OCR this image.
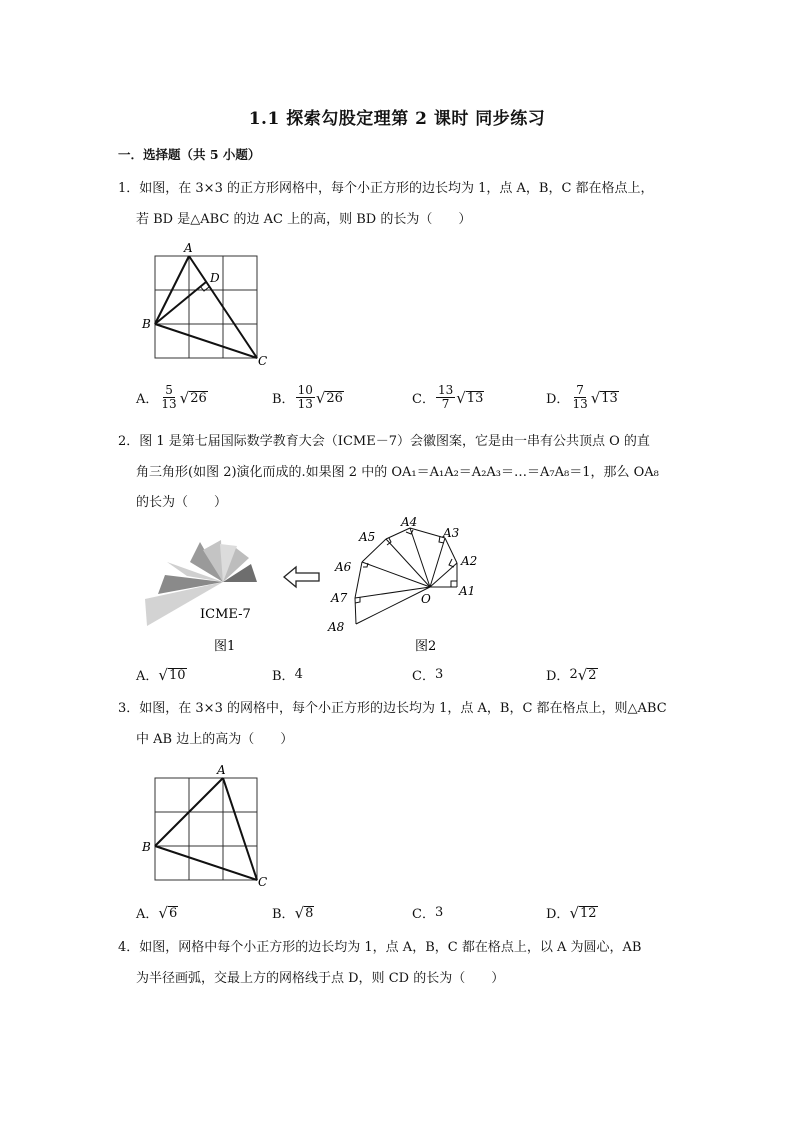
1.1 探索勾股定理第 2 课时 同步练习
一．选择题（共 5 小题）
1．如图，在 3×3 的正方形网格中，每个小正方形的边长均为 1，点 A，B，C 都在格点上，
若 BD 是△ABC 的边 AC 上的高，则 BD 的长为（　　）
A
D
B
C
A． $\frac{5}{13}$ √ 26	B． $\frac{10}{13}$ √ 26	C． $\frac{13}{7}$ √ 13	D． $\frac{7}{13}$ √ 13
2．图 1 是第七届国际数学教育大会（ICME－7）会徽图案，它是由一串有公共顶点 O 的直
角三角形(如图 2)演化而成的.如果图 2 中的 OA₁＝A₁A₂＝A₂A₃＝…＝A₇A₈＝1，那么 OA₈
的长为（　　）
ICME-7
图1
A1
A2
A3
A4
A5
A6
A7
A8
O
图2
A． √ 10	B． 4	C． 3	D． 2 √ 2
3．如图，在 3×3 的网格中，每个小正方形的边长均为 1，点 A，B，C 都在格点上，则△ABC
中 AB 边上的高为（　　）
A
B
C
A． √ 6	B． √ 8	C． 3	D． √ 12
4．如图，网格中每个小正方形的边长均为 1，点 A，B，C 都在格点上，以 A 为圆心，AB
为半径画弧，交最上方的网格线于点 D，则 CD 的长为（　　）
